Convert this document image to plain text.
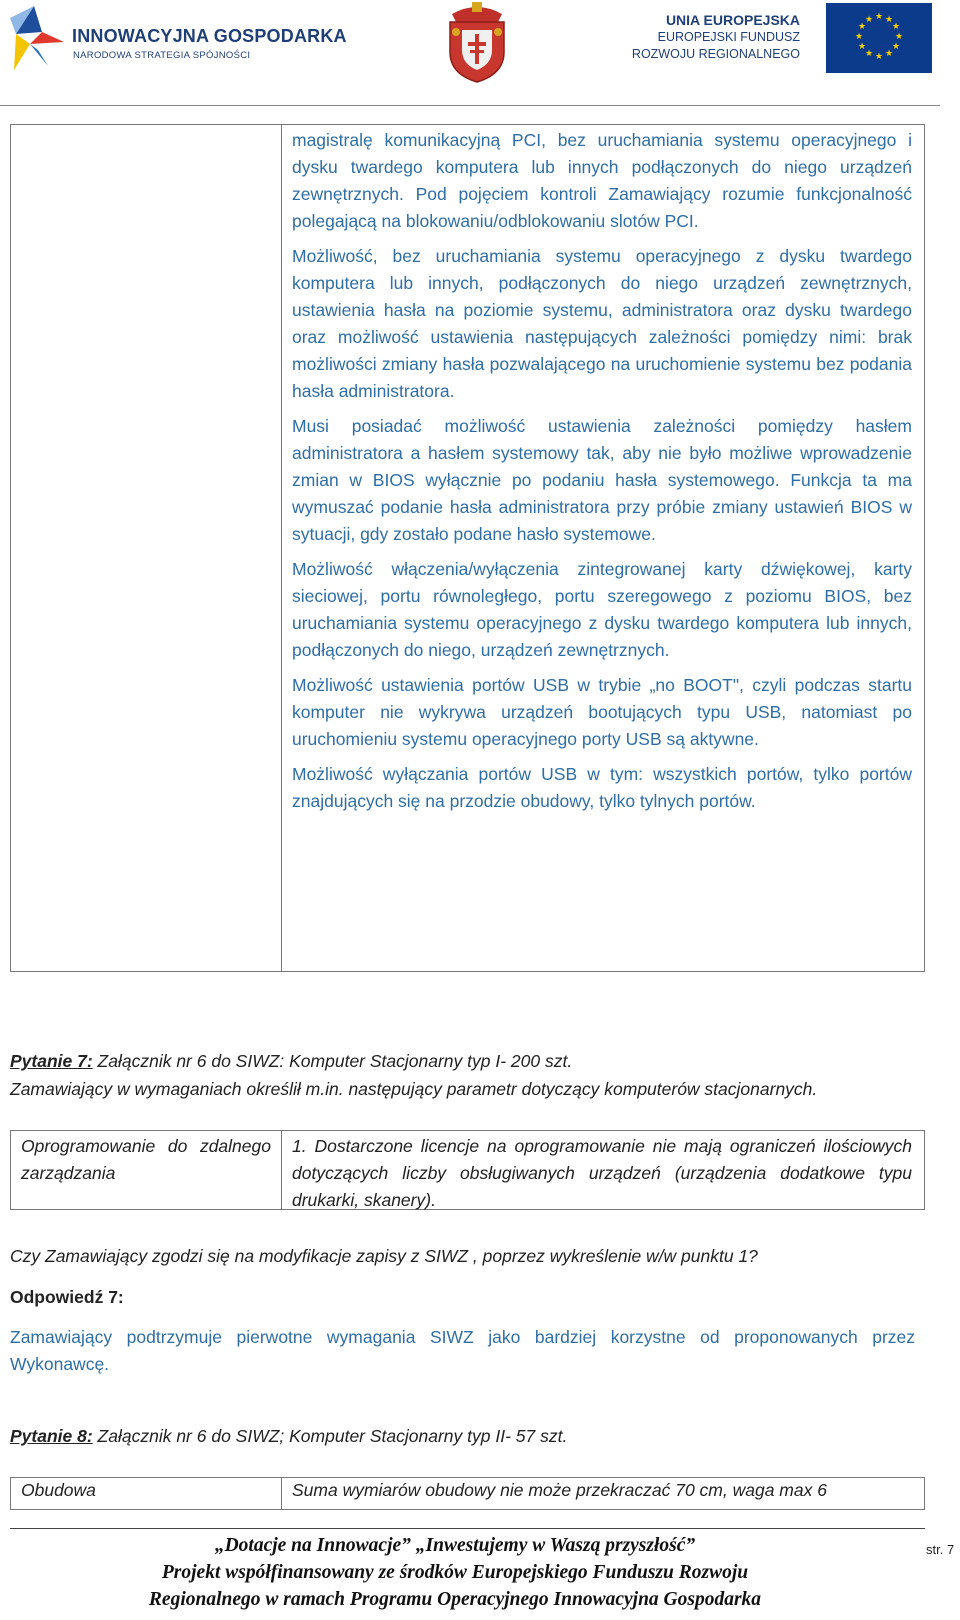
INNOWACYJNA GOSPODARKA
NARODOWA STRATEGIA SPÓJNOŚCI
UNIA EUROPEJSKA
EUROPEJSKI FUNDUSZ
ROZWOJU REGIONALNEGO
★ ★
★
★
★
★
★
★
★
★
★
★

magistralę komunikacyjną PCI, bez uruchamiania systemu operacyjnego i dysku twardego komputera lub innych podłączonych do niego urządzeń zewnętrznych. Pod pojęciem kontroli Zamawiający rozumie funkcjonalność polegającą na blokowaniu/odblokowaniu slotów PCI.

Możliwość, bez uruchamiania systemu operacyjnego z dysku twardego komputera lub innych, podłączonych do niego urządzeń zewnętrznych, ustawienia hasła na poziomie systemu, administratora oraz dysku twardego oraz możliwość ustawienia następujących zależności pomiędzy nimi: brak możliwości zmiany hasła pozwalającego na uruchomienie systemu bez podania hasła administratora.

Musi posiadać możliwość ustawienia zależności pomiędzy hasłem administratora a hasłem systemowy tak, aby nie było możliwe wprowadzenie zmian w BIOS wyłącznie po podaniu hasła systemowego. Funkcja ta ma wymuszać podanie hasła administratora przy próbie zmiany ustawień BIOS w sytuacji, gdy zostało podane hasło systemowe.

Możliwość włączenia/wyłączenia zintegrowanej karty dźwiękowej, karty sieciowej, portu równoległego, portu szeregowego z poziomu BIOS, bez uruchamiania systemu operacyjnego z dysku twardego komputera lub innych, podłączonych do niego, urządzeń zewnętrznych.

Możliwość ustawienia portów USB w trybie „no BOOT", czyli podczas startu komputer nie wykrywa urządzeń bootujących typu USB, natomiast po uruchomieniu systemu operacyjnego porty USB są aktywne.

Możliwość wyłączania portów USB w tym: wszystkich portów, tylko portów znajdujących się na przodzie obudowy, tylko tylnych portów.

Pytanie 7: Załącznik nr 6 do SIWZ: Komputer Stacjonarny typ I- 200 szt.
Zamawiający w wymaganiach określił m.in. następujący parametr dotyczący komputerów stacjonarnych.
Oprogramowanie do zdalnego zarządzania
1. Dostarczone licencje na oprogramowanie nie mają ograniczeń ilościowych dotyczących liczby obsługiwanych urządzeń (urządzenia dodatkowe typu drukarki, skanery).
Czy Zamawiający zgodzi się na modyfikacje zapisy z SIWZ , poprzez wykreślenie w/w punktu 1?
Odpowiedź 7:
Zamawiający podtrzymuje pierwotne wymagania SIWZ jako bardziej korzystne od proponowanych przez Wykonawcę.
Pytanie 8: Załącznik nr 6 do SIWZ; Komputer Stacjonarny typ II- 57 szt.
Obudowa	Suma wymiarów obudowy nie może przekraczać 70 cm, waga max 6
„Dotacje na Innowacje” „Inwestujemy w Waszą przyszłość”
Projekt współfinansowany ze środków Europejskiego Funduszu Rozwoju
Regionalnego w ramach Programu Operacyjnego Innowacyjna Gospodarka
str. 7
